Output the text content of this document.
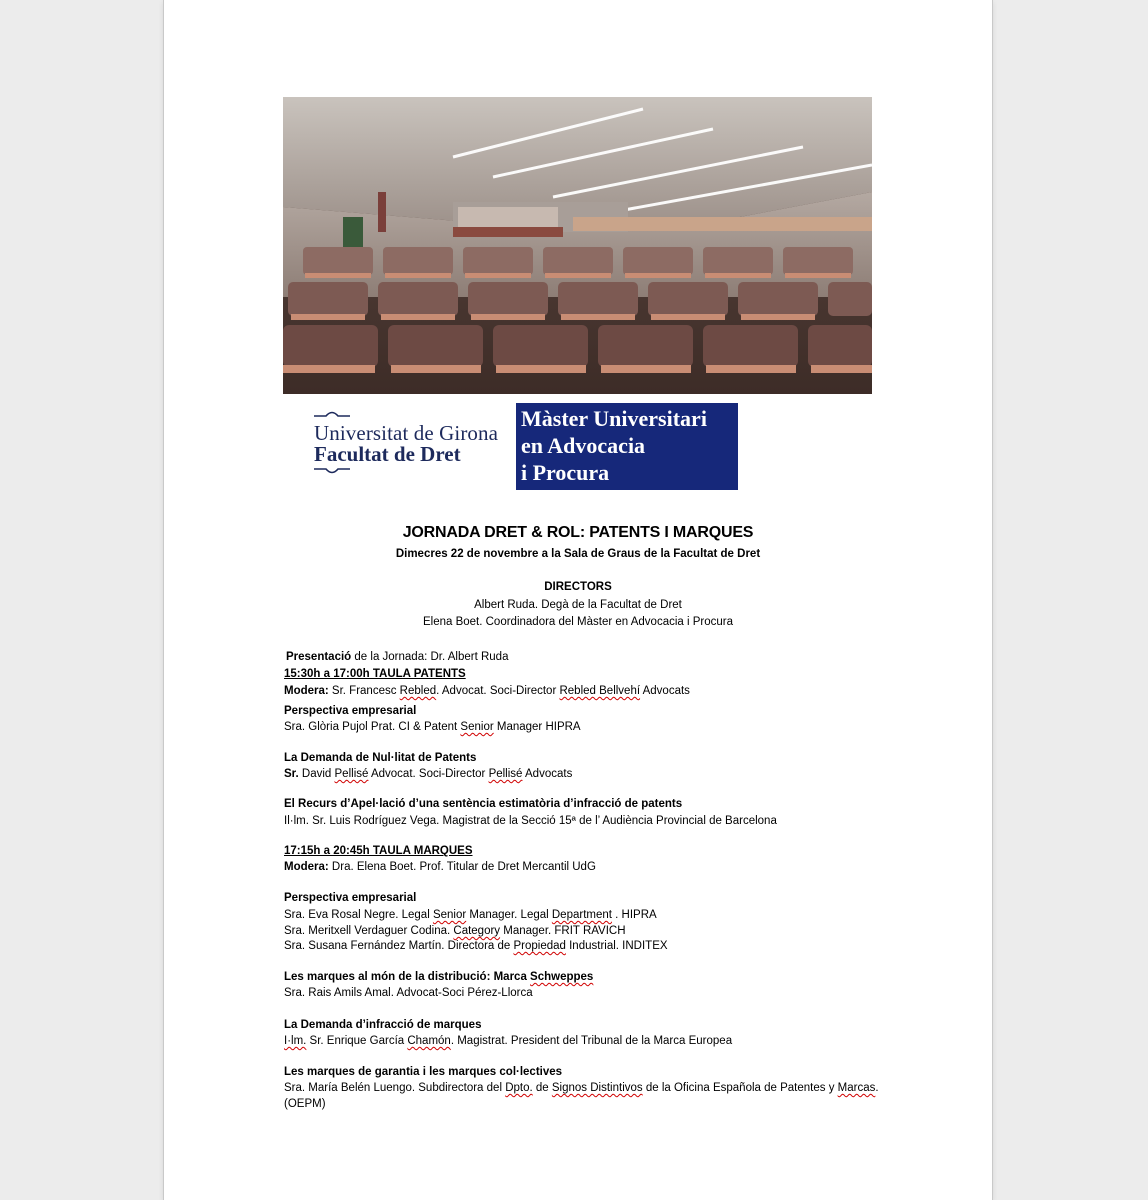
Universitat de Girona
Facultat de Dret
Màster Universitari
en Advocacia
i Procura
JORNADA DRET & ROL: PATENTS I MARQUES
Dimecres 22 de novembre a la Sala de Graus de la Facultat de Dret
DIRECTORS
Albert Ruda. Degà de la Facultat de Dret
Elena Boet. Coordinadora del Màster en Advocacia i Procura
Presentació de la Jornada: Dr. Albert Ruda
15:30h a 17:00h TAULA PATENTS
Modera: Sr. Francesc Rebled. Advocat. Soci-Director Rebled Bellvehí Advocats
Perspectiva empresarial
Sra. Glòria Pujol Prat. CI & Patent Senior Manager HIPRA
La Demanda de Nul·litat de Patents
Sr. David Pellisé Advocat. Soci-Director Pellisé Advocats
El Recurs d’Apel·lació d’una sentència estimatòria d’infracció de patents
Il·lm. Sr. Luis Rodríguez Vega. Magistrat de la Secció 15ª de l’ Audiència Provincial de Barcelona
17:15h a 20:45h TAULA MARQUES
Modera: Dra. Elena Boet. Prof. Titular de Dret Mercantil UdG
Perspectiva empresarial
Sra. Eva Rosal Negre. Legal Senior Manager. Legal Department . HIPRA
Sra. Meritxell Verdaguer Codina. Category Manager. FRIT RAVICH
Sra. Susana Fernández Martín. Directora de Propiedad Industrial. INDITEX
Les marques al món de la distribució: Marca Schweppes
Sra. Rais Amils Amal. Advocat-Soci Pérez-Llorca
La Demanda d’infracció de marques
I·lm. Sr. Enrique García Chamón. Magistrat. President del Tribunal de la Marca Europea
Les marques de garantia i les marques col·lectives
Sra. María Belén Luengo. Subdirectora del Dpto. de Signos Distintivos de la Oficina Española de Patentes y Marcas.
(OEPM)
